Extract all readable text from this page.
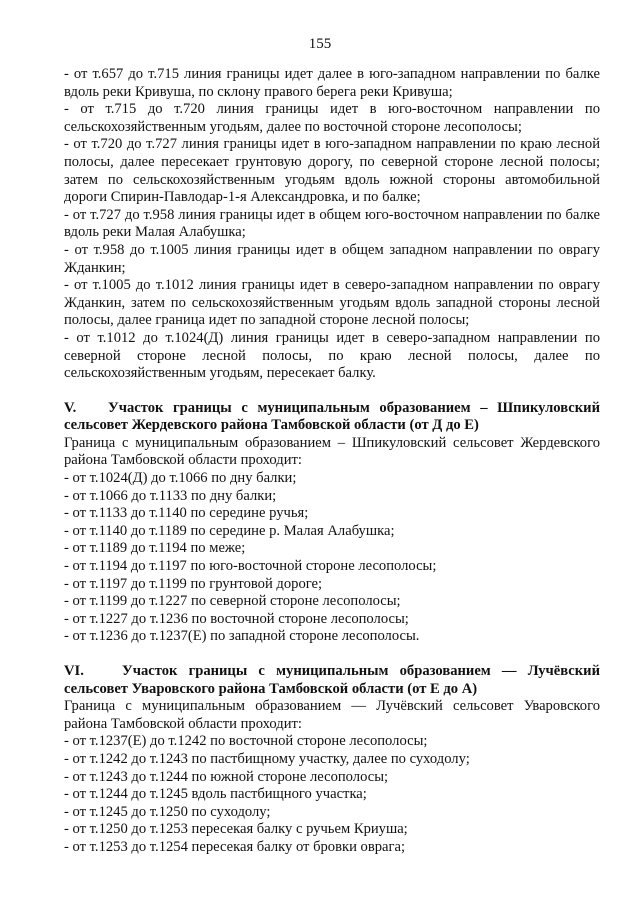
155

- от т.657 до т.715 линия границы идет далее в юго-западном направлении по балке вдоль реки Кривуша, по склону правого берега реки Кривуша;

- от т.715 до т.720 линия границы идет в юго-восточном направлении по сельскохозяйственным угодьям, далее по восточной стороне лесополосы;

- от т.720 до т.727 линия границы идет в юго-западном направлении по краю лесной полосы, далее пересекает грунтовую дорогу, по северной стороне лесной полосы; затем по сельскохозяйственным угодьям вдоль южной стороны автомобильной дороги Спирин-Павлодар-1-я Александровка, и по балке;

- от т.727 до т.958 линия границы идет в общем юго-восточном направлении по балке вдоль реки Малая Алабушка;

- от т.958 до т.1005 линия границы идет в общем западном направлении по оврагу Жданкин;

- от т.1005 до т.1012 линия границы идет в северо-западном направлении по оврагу Жданкин, затем по сельскохозяйственным угодьям вдоль западной стороны лесной полосы, далее граница идет по западной стороне лесной полосы;

- от т.1012 до т.1024(Д) линия границы идет в северо-западном направлении по северной стороне лесной полосы, по краю лесной полосы, далее по сельскохозяйственным угодьям, пересекает балку.

V. Участок границы с муниципальным образованием – Шпикуловский сельсовет Жердевского района Тамбовской области (от Д до Е)

Граница с муниципальным образованием – Шпикуловский сельсовет Жердевского района Тамбовской области проходит:

- от т.1024(Д) до т.1066 по дну балки;

- от т.1066 до т.1133 по дну балки;

- от т.1133 до т.1140 по середине ручья;

- от т.1140 до т.1189 по середине р. Малая Алабушка;

- от т.1189 до т.1194 по меже;

- от т.1194 до т.1197 по юго-восточной стороне лесополосы;

- от т.1197 до т.1199 по грунтовой дороге;

- от т.1199 до т.1227 по северной стороне лесополосы;

- от т.1227 до т.1236 по восточной стороне лесополосы;

- от т.1236 до т.1237(Е) по западной стороне лесополосы.

VI.	Участок границы с муниципальным образованием — Лучёвский сельсовет Уваровского района Тамбовской области (от Е до А)

Граница с муниципальным образованием — Лучёвский сельсовет Уваровского района Тамбовской области проходит:

- от т.1237(Е) до т.1242 по восточной стороне лесополосы;

- от т.1242 до т.1243 по пастбищному участку, далее по суходолу;

- от т.1243 до т.1244 по южной стороне лесополосы;

- от т.1244 до т.1245 вдоль пастбищного участка;

- от т.1245 до т.1250 по суходолу;

- от т.1250 до т.1253 пересекая балку с ручьем Криуша;

- от т.1253 до т.1254 пересекая балку от бровки оврага;
